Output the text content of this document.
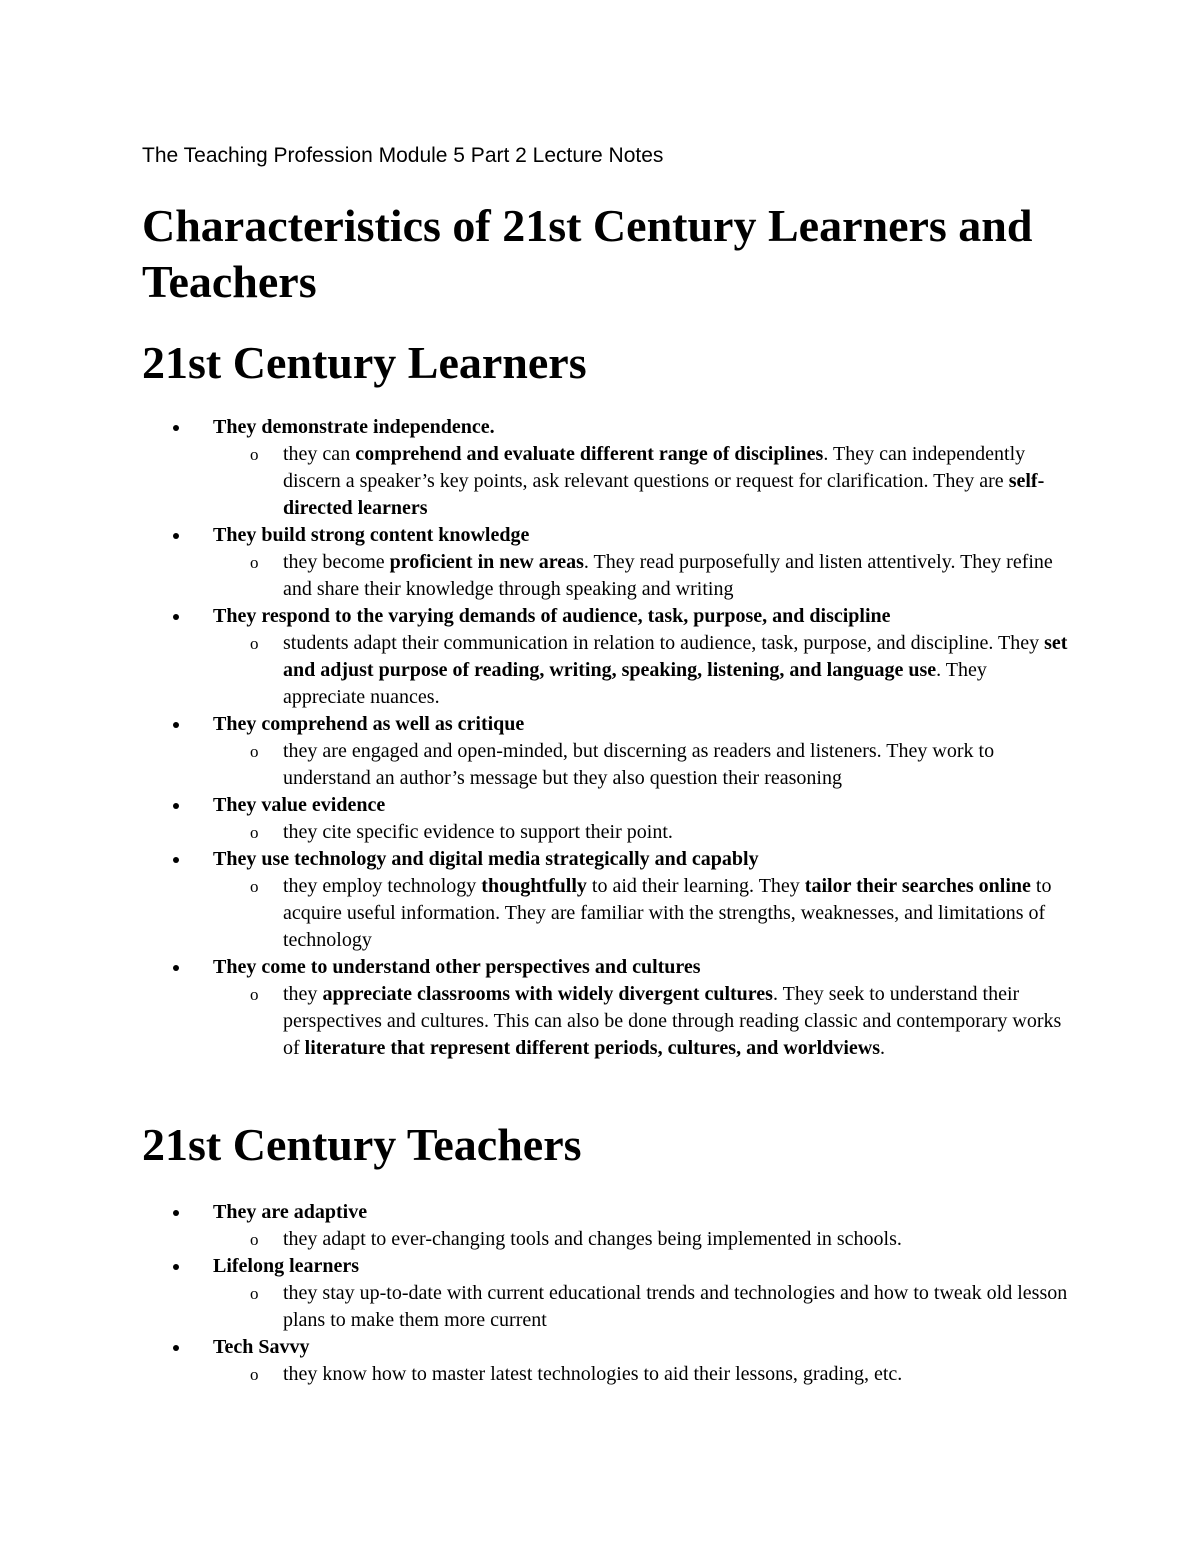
The Teaching Profession Module 5 Part 2 Lecture Notes

Characteristics of 21st Century Learners and Teachers
21st Century Learners
They demonstrate independence.
o they can comprehend and evaluate different range of disciplines. They can independently discern a speaker’s key points, ask relevant questions or request for clarification. They are self-directed learners
They build strong content knowledge
o they become proficient in new areas. They read purposefully and listen attentively. They refine and share their knowledge through speaking and writing
They respond to the varying demands of audience, task, purpose, and discipline
o students adapt their communication in relation to audience, task, purpose, and discipline. They set and adjust purpose of reading, writing, speaking, listening, and language use. They appreciate nuances.
They comprehend as well as critique
o they are engaged and open-minded, but discerning as readers and listeners. They work to understand an author’s message but they also question their reasoning
They value evidence
o they cite specific evidence to support their point.
They use technology and digital media strategically and capably
o they employ technology thoughtfully to aid their learning. They tailor their searches online to acquire useful information. They are familiar with the strengths, weaknesses, and limitations of technology
They come to understand other perspectives and cultures
o they appreciate classrooms with widely divergent cultures. They seek to understand their perspectives and cultures. This can also be done through reading classic and contemporary works of literature that represent different periods, cultures, and worldviews.
21st Century Teachers
They are adaptive
o they adapt to ever-changing tools and changes being implemented in schools.
Lifelong learners
o they stay up-to-date with current educational trends and technologies and how to tweak old lesson plans to make them more current
Tech Savvy
o they know how to master latest technologies to aid their lessons, grading, etc.
